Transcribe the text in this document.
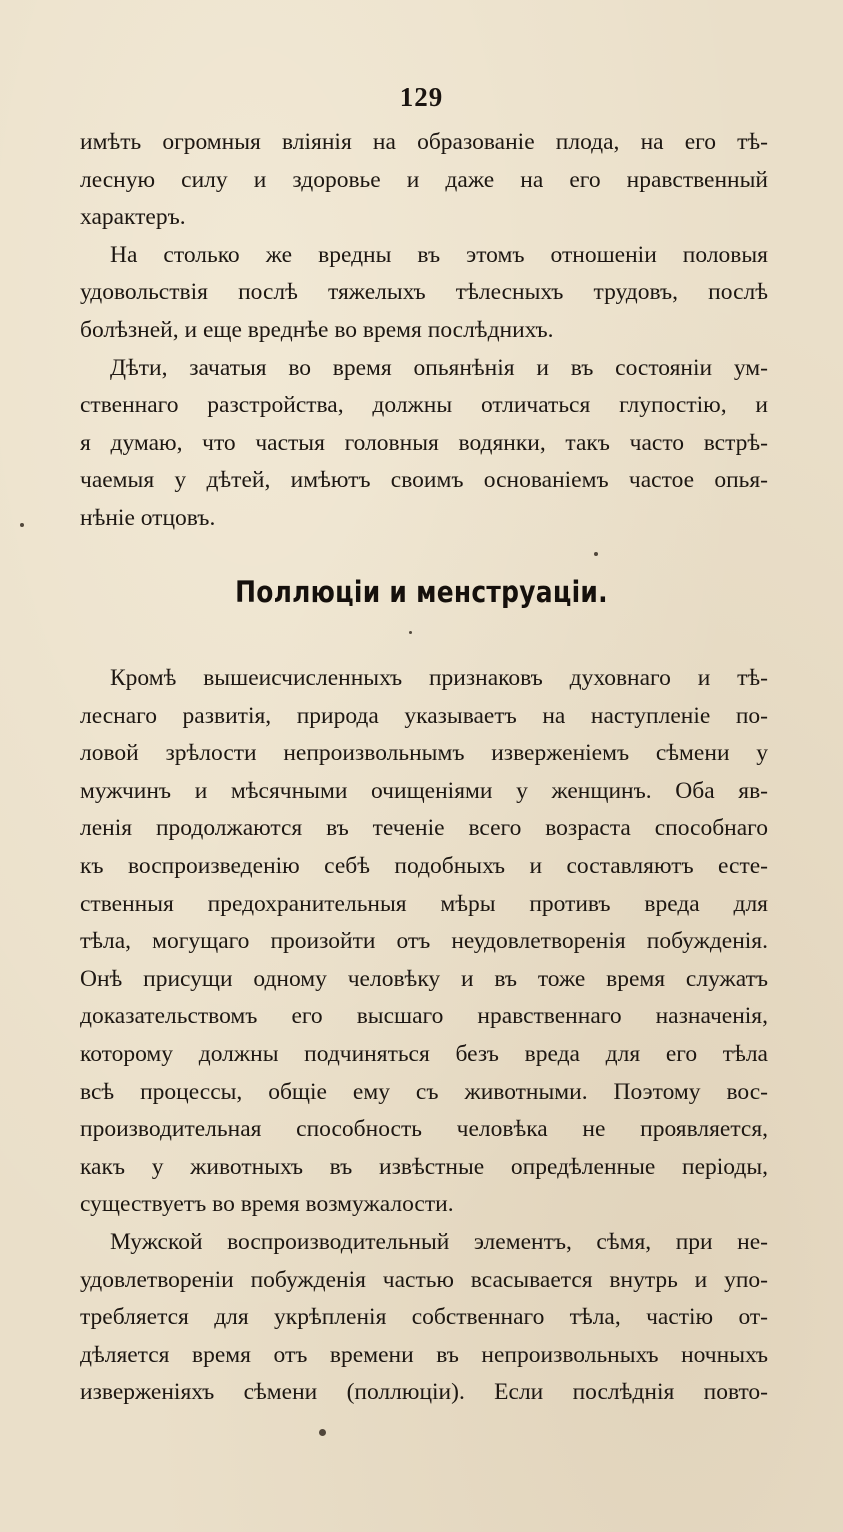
129
имѣть огромныя вліянія на образованіе плода, на его тѣ-
лесную силу и здоровье и даже на его нравственный
характеръ.
На столько же вредны въ этомъ отношеніи половыя
удовольствія послѣ тяжелыхъ тѣлесныхъ трудовъ, послѣ
болѣзней, и еще вреднѣе во время послѣднихъ.
Дѣти, зачатыя во время опьянѣнія и въ состояніи ум-
ственнаго разстройства, должны отличаться глупостію, и
я думаю, что частыя головныя водянки, такъ часто встрѣ-
чаемыя у дѣтей, имѣютъ своимъ основаніемъ частое опья-
нѣніе отцовъ.
Поллюціи и менструаціи.
Кромѣ вышеисчисленныхъ признаковъ духовнаго и тѣ-
леснаго развитія, природа указываетъ на наступленіе по-
ловой зрѣлости непроизвольнымъ изверженіемъ сѣмени у
мужчинъ и мѣсячными очищеніями у женщинъ. Оба яв-
ленія продолжаются въ теченіе всего возраста способнаго
къ воспроизведенію себѣ подобныхъ и составляютъ есте-
ственныя предохранительныя мѣры противъ вреда для
тѣла, могущаго произойти отъ неудовлетворенія побужденія.
Онѣ присущи одному человѣку и въ тоже время служатъ
доказательствомъ его высшаго нравственнаго назначенія,
которому должны подчиняться безъ вреда для его тѣла
всѣ процессы, общіе ему съ животными. Поэтому вос-
производительная способность человѣка не проявляется,
какъ у животныхъ въ извѣстные опредѣленные періоды,
существуетъ во время возмужалости.
Мужской воспроизводительный элементъ, сѣмя, при не-
удовлетвореніи побужденія частью всасывается внутрь и упо-
требляется для укрѣпленія собственнаго тѣла, частію от-
дѣляется время отъ времени въ непроизвольныхъ ночныхъ
изверженіяхъ сѣмени (поллюціи). Если послѣднія повто-
